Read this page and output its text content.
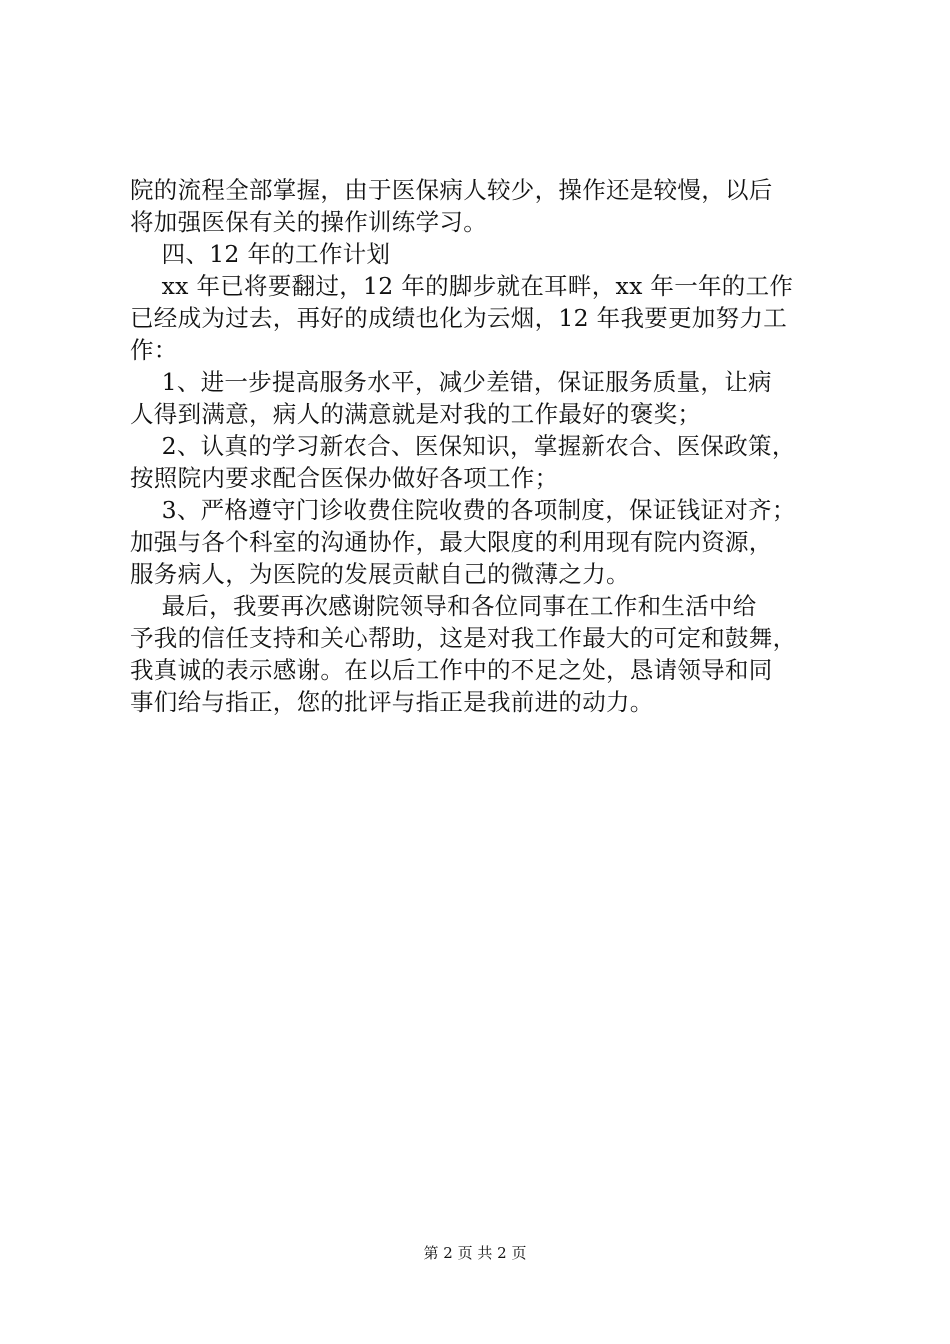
院的流程全部掌握，由于医保病人较少，操作还是较慢，以后
将加强医保有关的操作训练学习。
　 四、12 年的工作计划
　 xx 年已将要翻过，12 年的脚步就在耳畔，xx 年一年的工作
已经成为过去，再好的成绩也化为云烟，12 年我要更加努力工
作：
　 1、进一步提高服务水平，减少差错，保证服务质量，让病
人得到满意，病人的满意就是对我的工作最好的褒奖；
　 2、认真的学习新农合、医保知识，掌握新农合、医保政策，
按照院内要求配合医保办做好各项工作；
　 3、严格遵守门诊收费住院收费的各项制度，保证钱证对齐；
加强与各个科室的沟通协作，最大限度的利用现有院内资源，
服务病人，为医院的发展贡献自己的微薄之力。
　 最后，我要再次感谢院领导和各位同事在工作和生活中给
予我的信任支持和关心帮助，这是对我工作最大的可定和鼓舞，
我真诚的表示感谢。在以后工作中的不足之处，恳请领导和同
事们给与指正，您的批评与指正是我前进的动力。
第 2 页 共 2 页
